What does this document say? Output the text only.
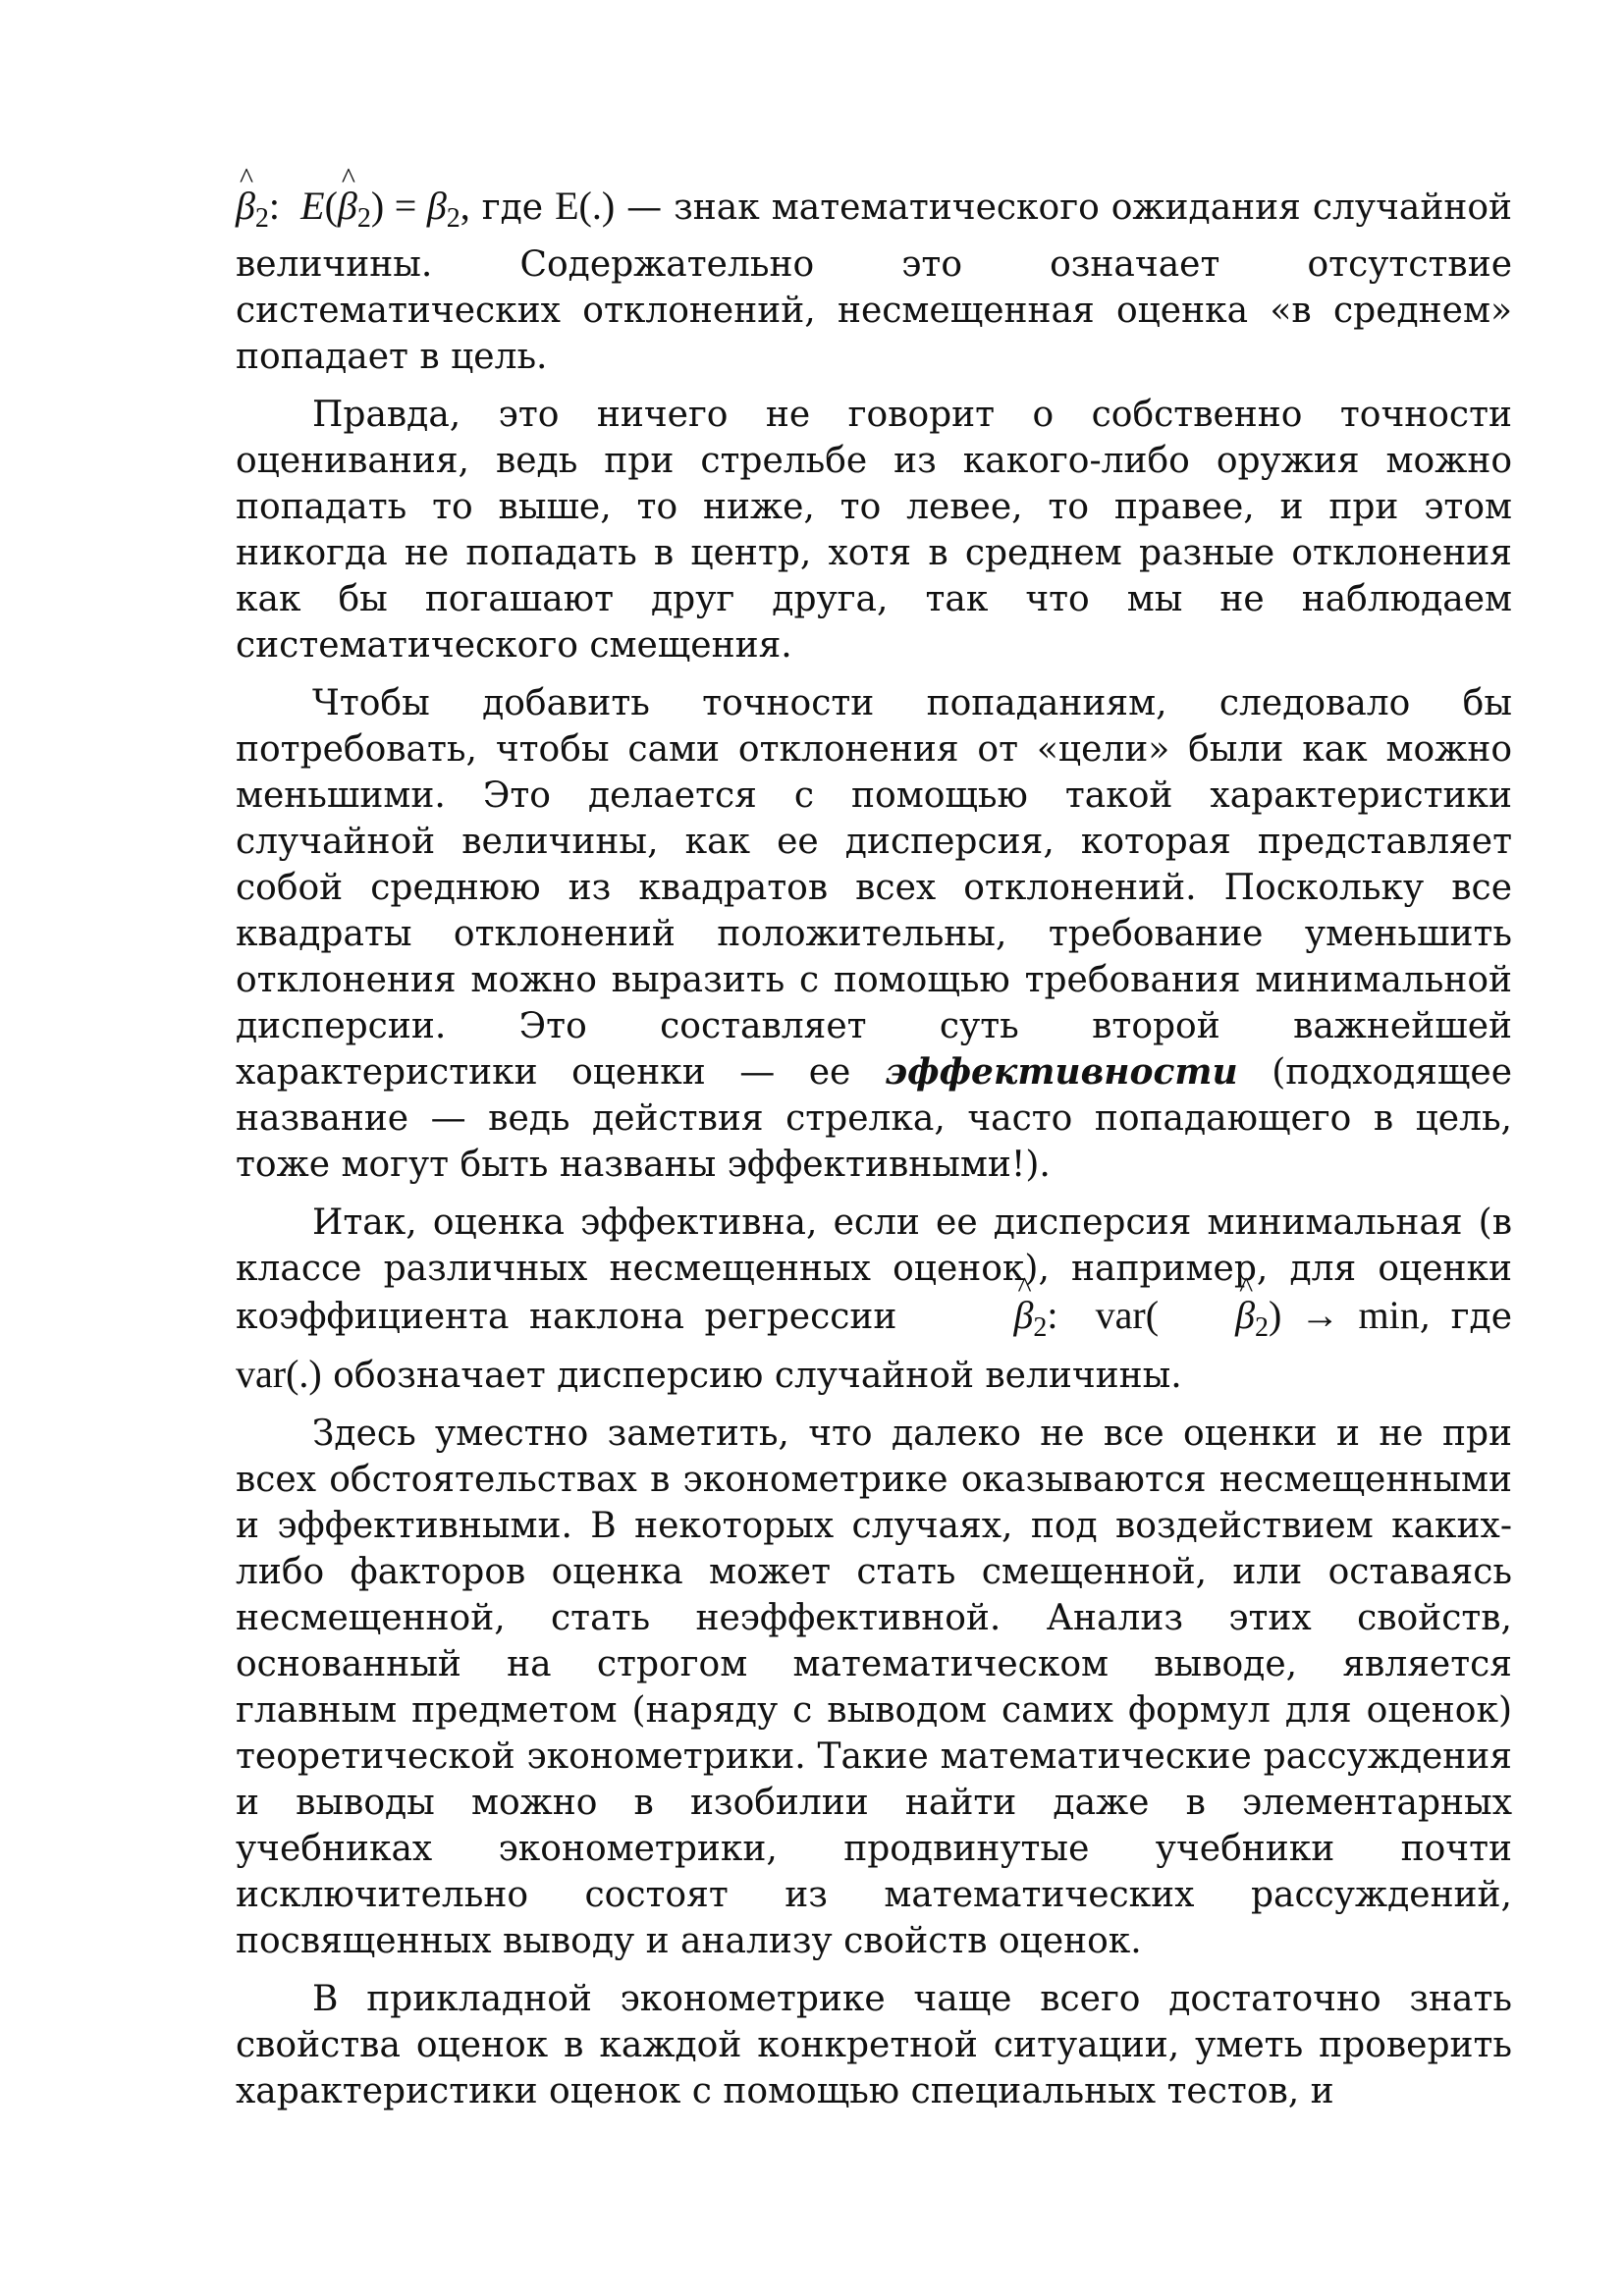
^ $\beta_2$: E(^ $\beta_2) = \beta_2$, где E(.) — знак математического ожидания случайной величины. Содержательно это означает отсутствие систематических отклонений, несмещенная оценка «в среднем» попадает в цель.

Правда, это ничего не говорит о собственно точности оценивания, ведь при стрельбе из какого-либо оружия можно попадать то выше, то ниже, то левее, то правее, и при этом никогда не попадать в центр, хотя в среднем разные отклонения как бы погашают друг друга, так что мы не наблюдаем систематического смещения.

Чтобы добавить точности попаданиям, следовало бы потребовать, чтобы сами отклонения от «цели» были как можно меньшими. Это делается с помощью такой характеристики случайной величины, как ее дисперсия, которая представляет собой среднюю из квадратов всех отклонений. Поскольку все квадраты отклонений положительны, требование уменьшить отклонения можно выразить с помощью требования минимальной дисперсии. Это составляет суть второй важнейшей характеристики оценки — ее эффективности (подходящее название — ведь действия стрелка, часто попадающего в цель, тоже могут быть названы эффективными!).

Итак, оценка эффективна, если ее дисперсия минимальная (в классе различных несмещенных оценок), например, для оценки коэффициента наклона регрессии	^ $\beta_2$: var( ^ $\beta_2) \to \min$, где var(.) обозначает дисперсию случайной величины.

Здесь уместно заметить, что далеко не все оценки и не при всех обстоятельствах в эконометрике оказываются несмещенными и эффективными. В некоторых случаях, под воздействием каких-либо факторов оценка может стать смещенной, или оставаясь несмещенной, стать неэффективной. Анализ этих свойств, основанный на строгом математическом выводе, является главным предметом (наряду с выводом самих формул для оценок) теоретической эконометрики. Такие математические рассуждения и выводы можно в изобилии найти даже в элементарных учебниках эконометрики, продвинутые учебники почти исключительно состоят из математических рассуждений, посвященных выводу и анализу свойств оценок.

В прикладной эконометрике чаще всего достаточно знать свойства оценок в каждой конкретной ситуации, уметь проверить характеристики оценок с помощью специальных тестов, и
